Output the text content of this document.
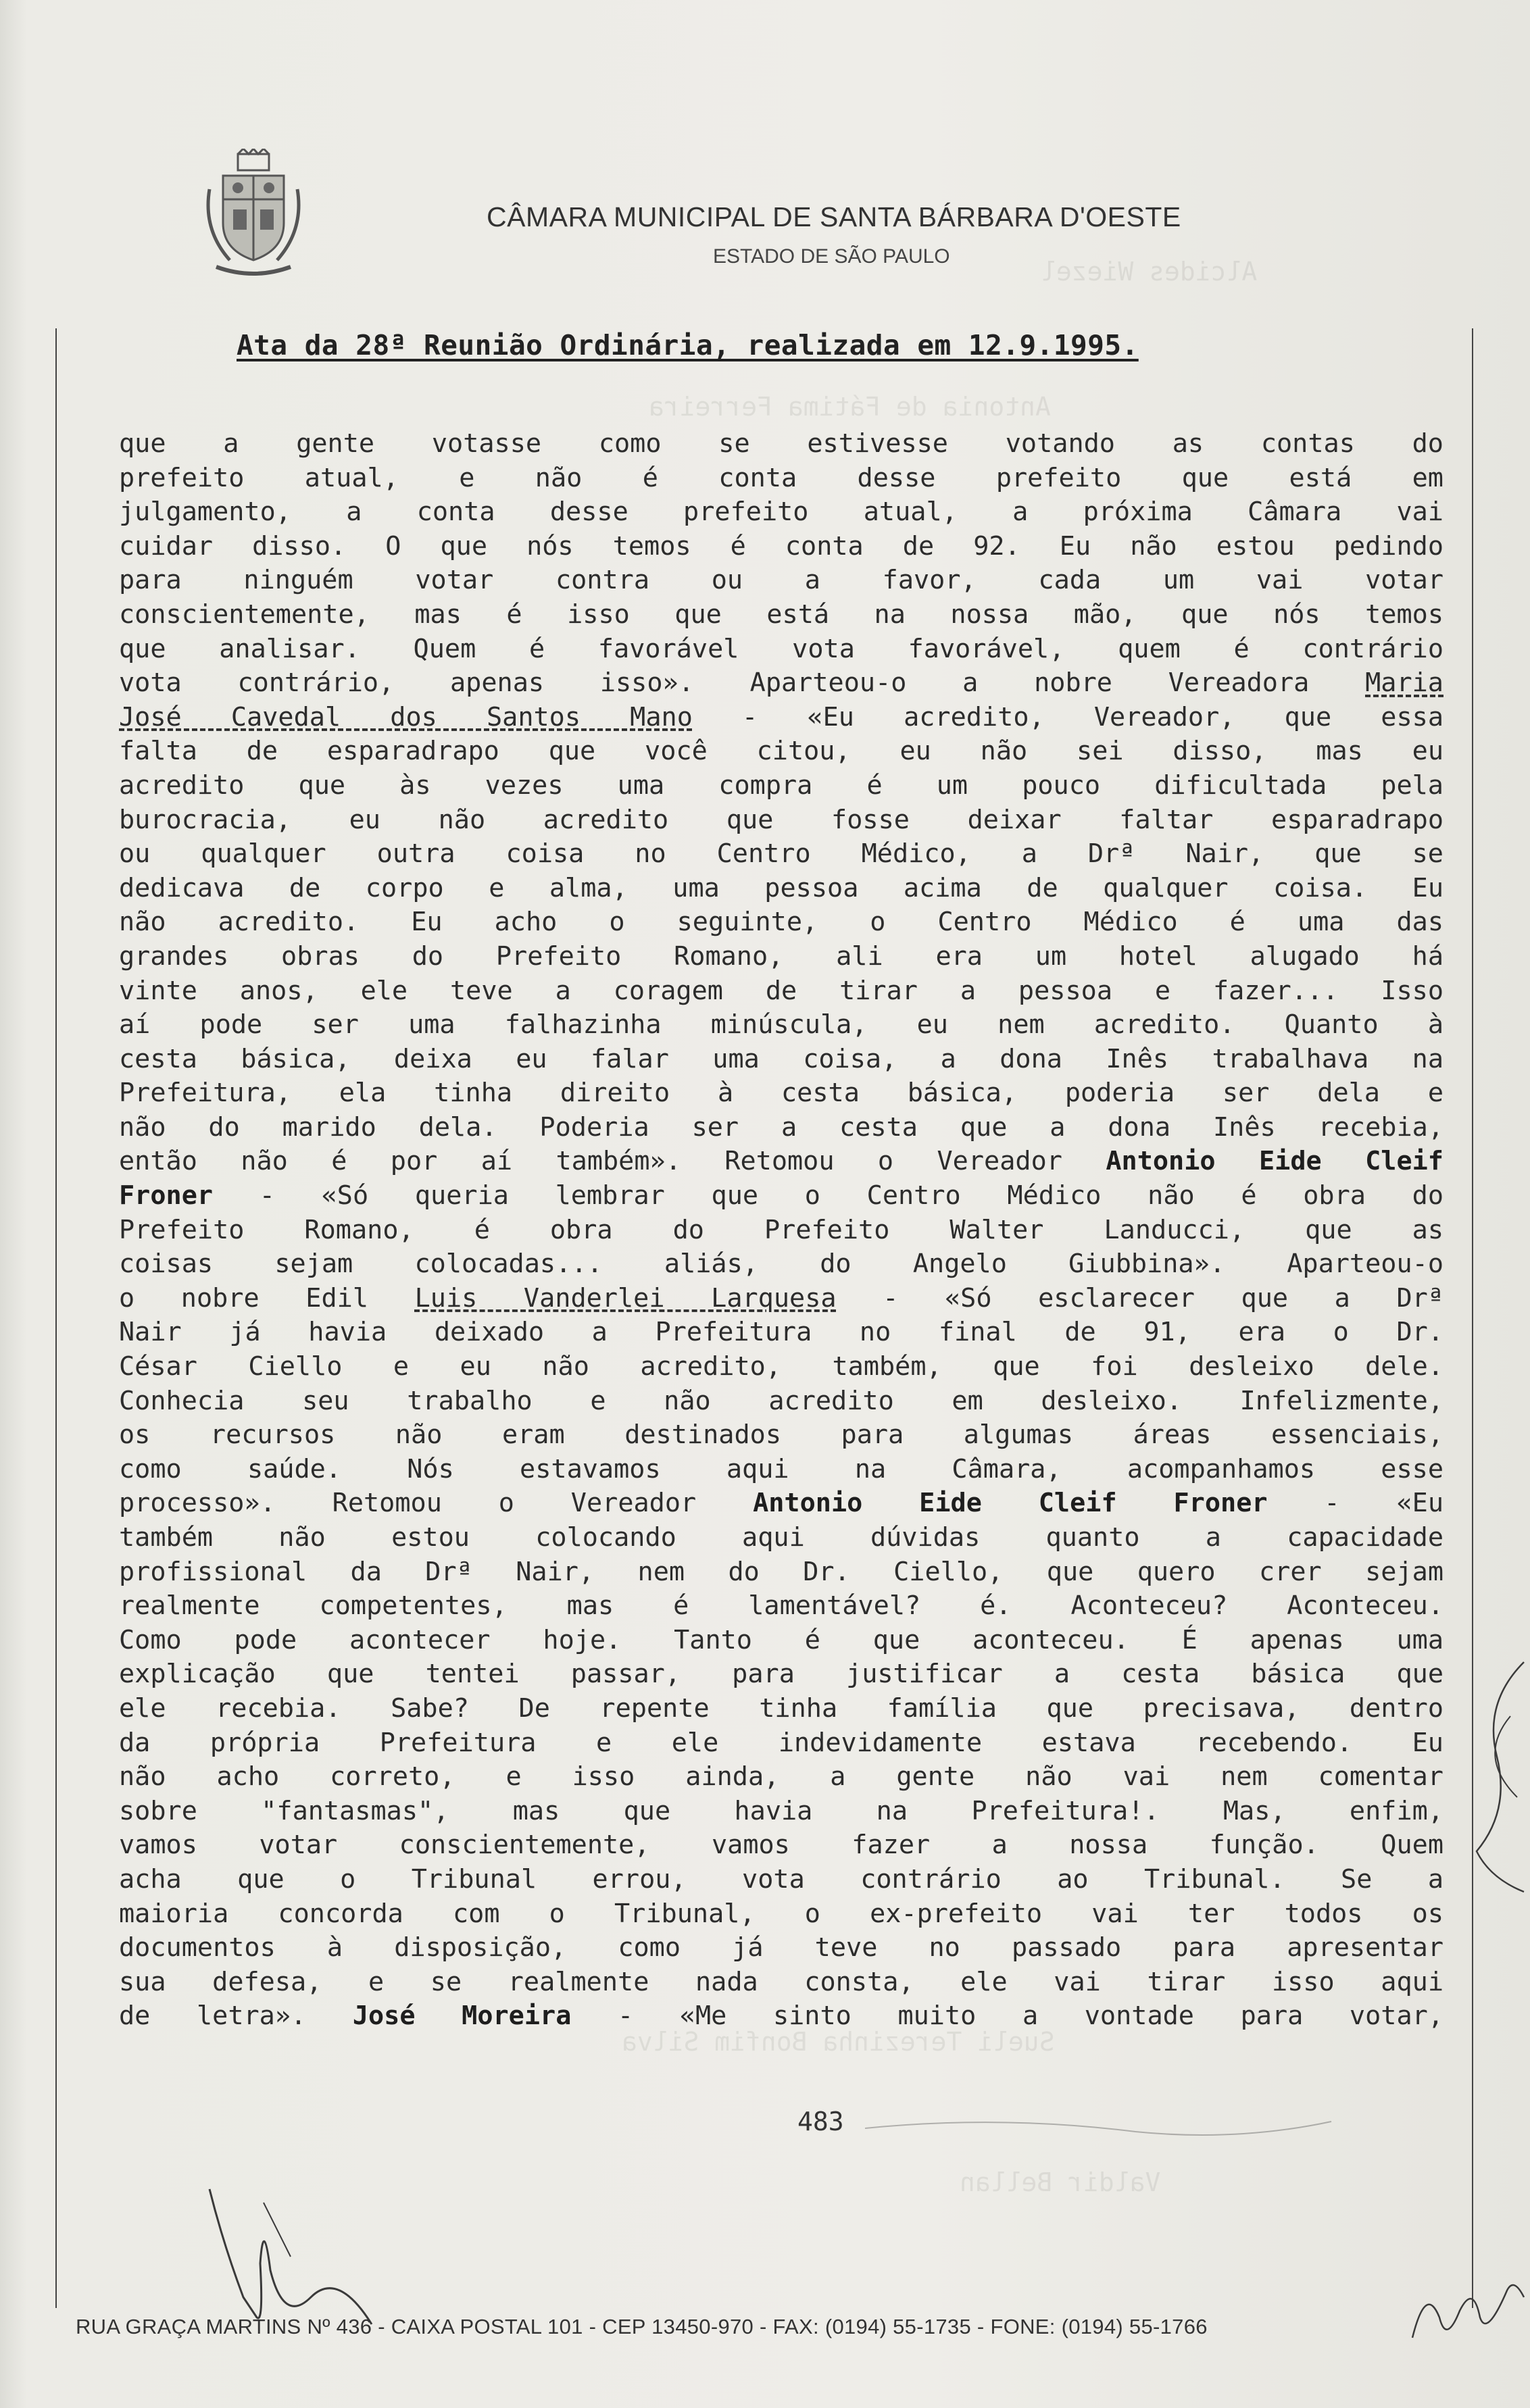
Alcides Wiezel
Antonia de Fátima Ferreira
Sueli Terezinha Bonfim Silva
Valdir Bellan
CÂMARA MUNICIPAL DE SANTA BÁRBARA D'OESTE
ESTADO DE SÃO PAULO
Ata da 28ª Reunião Ordinária, realizada em 12.9.1995.
que a gente votasse como se estivesse votando as contas do
prefeito atual, e não é conta desse prefeito que está em
julgamento, a conta desse prefeito atual, a próxima Câmara vai
cuidar disso. O que nós temos é conta de 92. Eu não estou pedindo
para ninguém votar contra ou a favor, cada um vai votar
conscientemente, mas é isso que está na nossa mão, que nós temos
que analisar. Quem é favorável vota favorável, quem é contrário
vota contrário, apenas isso». Aparteou-o a nobre Vereadora Maria
José Cavedal dos Santos Mano - «Eu acredito, Vereador, que essa
falta de esparadrapo que você citou, eu não sei disso, mas eu
acredito que às vezes uma compra é um pouco dificultada pela
burocracia, eu não acredito que fosse deixar faltar esparadrapo
ou qualquer outra coisa no Centro Médico, a Drª Nair, que se
dedicava de corpo e alma, uma pessoa acima de qualquer coisa. Eu
não acredito. Eu acho o seguinte, o Centro Médico é uma das
grandes obras do Prefeito Romano, ali era um hotel alugado há
vinte anos, ele teve a coragem de tirar a pessoa e fazer... Isso
aí pode ser uma falhazinha minúscula, eu nem acredito. Quanto à
cesta básica, deixa eu falar uma coisa, a dona Inês trabalhava na
Prefeitura, ela tinha direito à cesta básica, poderia ser dela e
não do marido dela. Poderia ser a cesta que a dona Inês recebia,
então não é por aí também». Retomou o Vereador Antonio Eide Cleif
Froner - «Só queria lembrar que o Centro Médico não é obra do
Prefeito Romano, é obra do Prefeito Walter Landucci, que as
coisas sejam colocadas... aliás, do Angelo Giubbina». Aparteou-o
o nobre Edil Luis Vanderlei Larquesa - «Só esclarecer que a Drª
Nair já havia deixado a Prefeitura no final de 91, era o Dr.
César Ciello e eu não acredito, também, que foi desleixo dele.
Conhecia seu trabalho e não acredito em desleixo. Infelizmente,
os recursos não eram destinados para algumas áreas essenciais,
como saúde. Nós estavamos aqui na Câmara, acompanhamos esse
processo». Retomou o Vereador Antonio Eide Cleif Froner - «Eu
também não estou colocando aqui dúvidas quanto a capacidade
profissional da Drª Nair, nem do Dr. Ciello, que quero crer sejam
realmente competentes, mas é lamentável? é. Aconteceu? Aconteceu.
Como pode acontecer hoje. Tanto é que aconteceu. É apenas uma
explicação que tentei passar, para justificar a cesta básica que
ele recebia. Sabe? De repente tinha família que precisava, dentro
da própria Prefeitura e ele indevidamente estava recebendo. Eu
não acho correto, e isso ainda, a gente não vai nem comentar
sobre "fantasmas", mas que havia na Prefeitura!. Mas, enfim,
vamos votar conscientemente, vamos fazer a nossa função. Quem
acha que o Tribunal errou, vota contrário ao Tribunal. Se a
maioria concorda com o Tribunal, o ex-prefeito vai ter todos os
documentos à disposição, como já teve no passado para apresentar
sua defesa, e se realmente nada consta, ele vai tirar isso aqui
de letra». José Moreira - «Me sinto muito a vontade para votar,
483
RUA GRAÇA MARTINS Nº 436 - CAIXA POSTAL 101 - CEP 13450-970 - FAX: (0194) 55-1735 - FONE: (0194) 55-1766
